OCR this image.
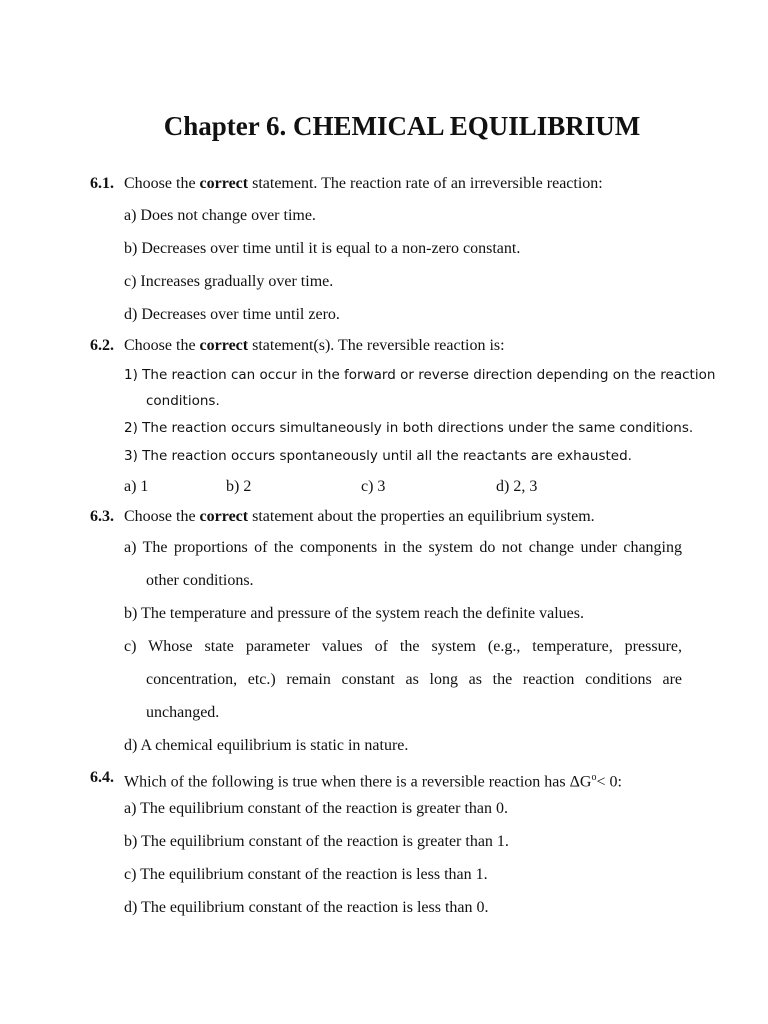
Chapter 6. CHEMICAL EQUILIBRIUM
6.1. Choose the correct statement. The reaction rate of an irreversible reaction:
a) Does not change over time.
b) Decreases over time until it is equal to a non-zero constant.
c) Increases gradually over time.
d) Decreases over time until zero.
6.2. Choose the correct statement(s). The reversible reaction is:
1) The reaction can occur in the forward or reverse direction depending on the reaction
conditions.
2) The reaction occurs simultaneously in both directions under the same conditions.
3) The reaction occurs spontaneously until all the reactants are exhausted.
a) 1	b) 2	c) 3	d) 2, 3
6.3. Choose the correct statement about the properties an equilibrium system.
a) The proportions of the components in the system do not change under changing
other conditions.
b) The temperature and pressure of the system reach the definite values.
c) Whose state parameter values of the system (e.g., temperature, pressure,
concentration, etc.) remain constant as long as the reaction conditions are
unchanged.
d) A chemical equilibrium is static in nature.
6.4. Which of the following is true when there is a reversible reaction has $\Delta G^o< 0$:
a) The equilibrium constant of the reaction is greater than 0.
b) The equilibrium constant of the reaction is greater than 1.
c) The equilibrium constant of the reaction is less than 1.
d) The equilibrium constant of the reaction is less than 0.
